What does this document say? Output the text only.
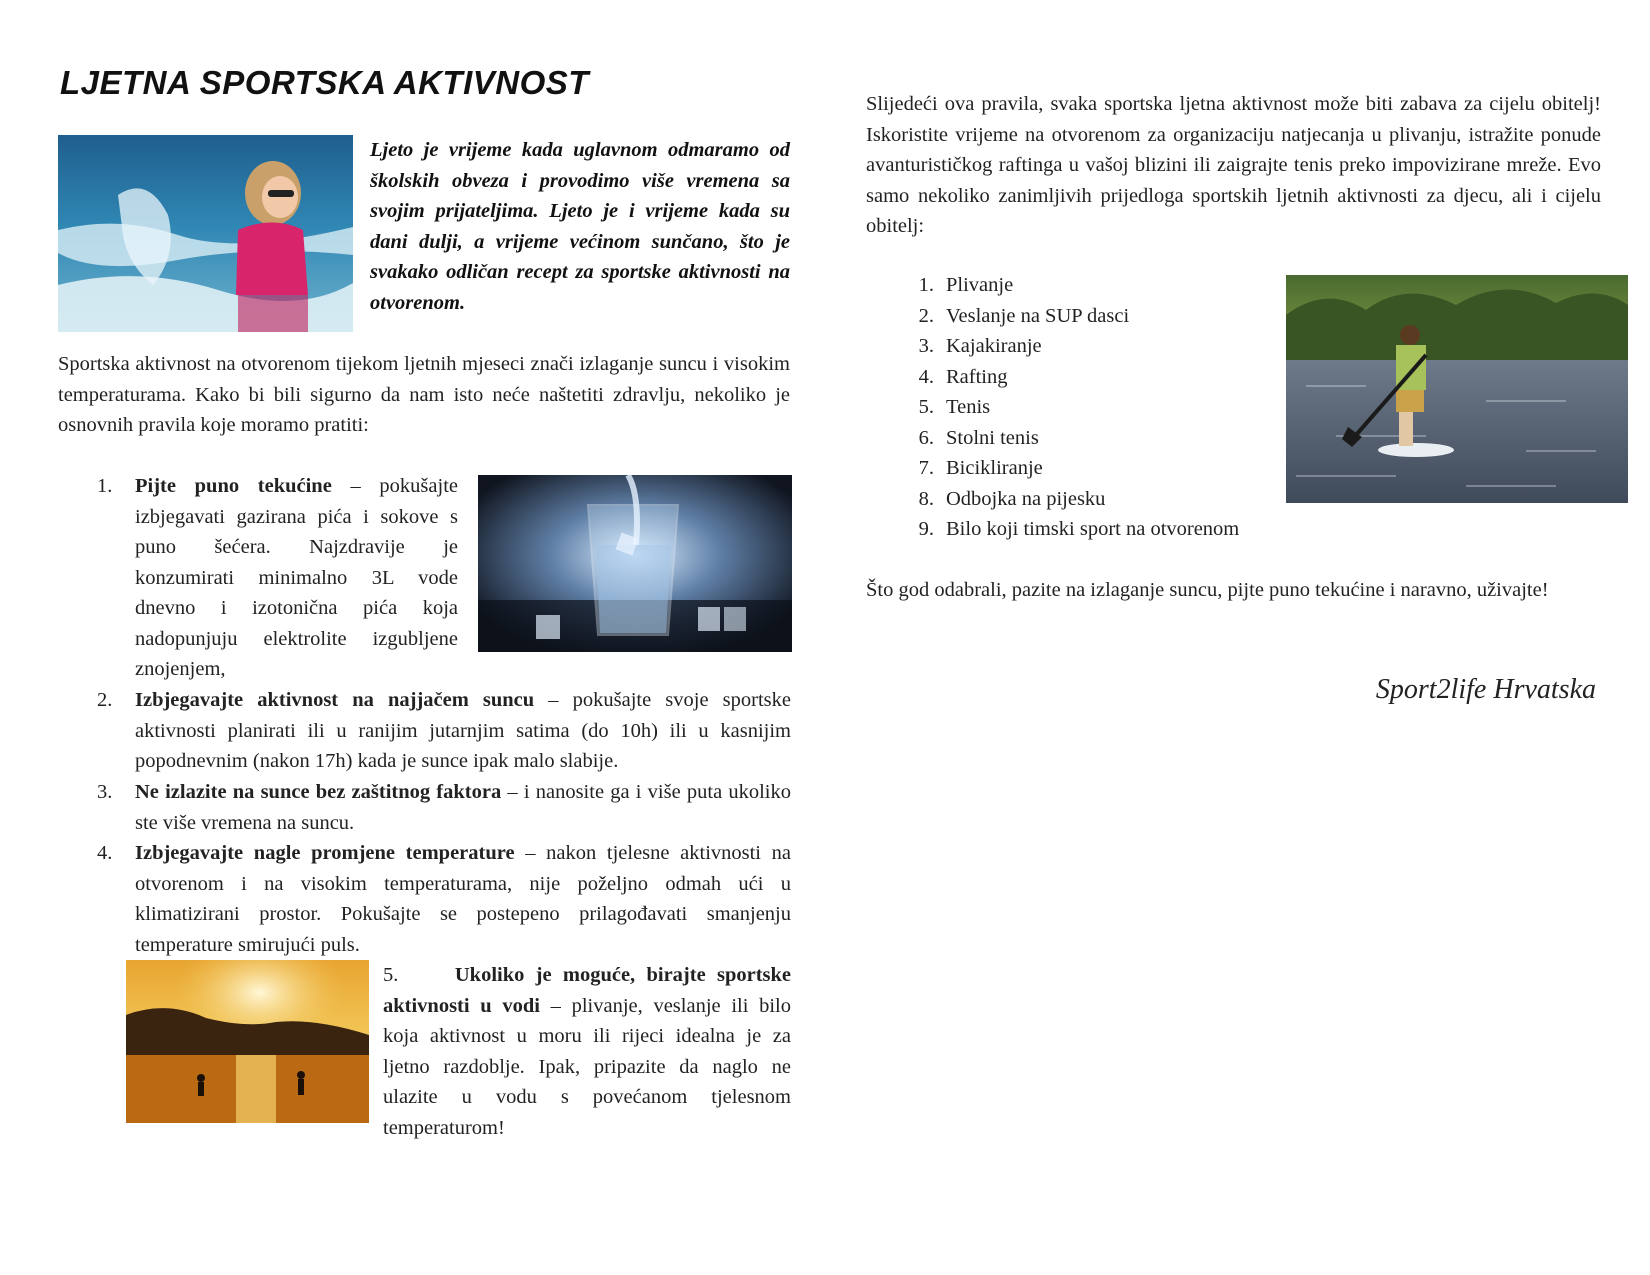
LJETNA SPORTSKA AKTIVNOST
Ljeto je vrijeme kada uglavnom odmaramo od školskih obveza i provodimo više vremena sa svojim prijateljima. Ljeto je i vrijeme kada su dani dulji, a vrijeme većinom sunčano, što je svakako odličan recept za sportske aktivnosti na otvorenom.
Sportska aktivnost na otvorenom tijekom ljetnih mjeseci znači izlaganje suncu i visokim temperaturama. Kako bi bili sigurno da nam isto neće naštetiti zdravlju, nekoliko je osnovnih pravila koje moramo pratiti:
1. Pijte puno tekućine – pokušajte izbjegavati gazirana pića i sokove s puno šećera. Najzdravije je konzumirati minimalno 3L vode dnevno i izotonična pića koja nadopunjuju elektrolite izgubljene znojenjem,
2. Izbjegavajte aktivnost na najjačem suncu – pokušajte svoje sportske aktivnosti planirati ili u ranijim jutarnjim satima (do 10h) ili u kasnijim popodnevnim (nakon 17h) kada je sunce ipak malo slabije.
3. Ne izlazite na sunce bez zaštitnog faktora – i nanosite ga i više puta ukoliko ste više vremena na suncu.
4. Izbjegavajte nagle promjene temperature – nakon tjelesne aktivnosti na otvorenom i na visokim temperaturama, nije poželjno odmah ući u klimatizirani prostor. Pokušajte se postepeno prilagođavati smanjenju temperature smirujući puls.
5.	Ukoliko je moguće, birajte sportske aktivnosti u vodi – plivanje, veslanje ili bilo koja aktivnost u moru ili rijeci idealna je za ljetno razdoblje. Ipak, pripazite da naglo ne ulazite u vodu s povećanom tjelesnom temperaturom!
Slijedeći ova pravila, svaka sportska ljetna aktivnost može biti zabava za cijelu obitelj! Iskoristite vrijeme na otvorenom za organizaciju natjecanja u plivanju, istražite ponude avanturističkog raftinga u vašoj blizini ili zaigrajte tenis preko impovizirane mreže. Evo samo nekoliko zanimljivih prijedloga sportskih ljetnih aktivnosti za djecu, ali i cijelu obitelj:
1. Plivanje
2. Veslanje na SUP dasci
3. Kajakiranje
4. Rafting
5. Tenis
6. Stolni tenis
7. Bicikliranje
8. Odbojka na pijesku
9. Bilo koji timski sport na otvorenom
Što god odabrali, pazite na izlaganje suncu, pijte puno tekućine i naravno, uživajte!
Sport2life Hrvatska
